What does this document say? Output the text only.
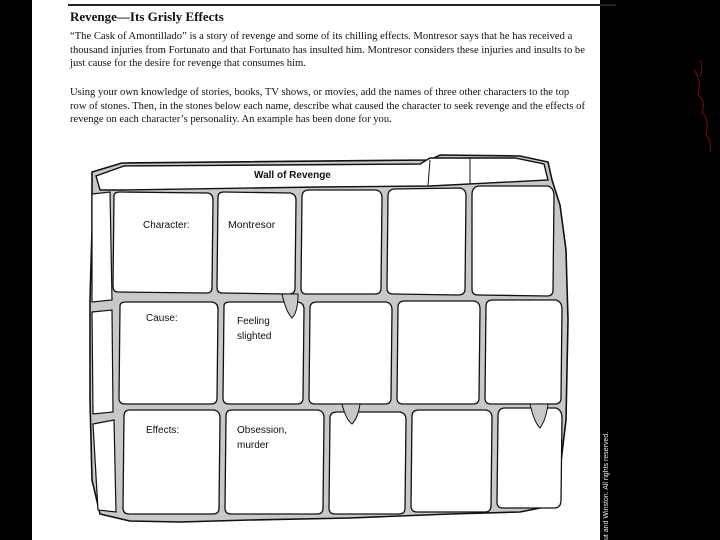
Revenge—Its Grisly Effects
“The Cask of Amontillado” is a story of revenge and some of its chilling effects. Montresor says that he has received a thousand injuries from Fortunato and that Fortunato has insulted him. Montresor considers these injuries and insults to be just cause for the desire for revenge that consumes him.
Using your own knowledge of stories, books, TV shows, or movies, add the names of three other characters to the top row of stones. Then, in the stones below each name, describe what caused the character to seek revenge and the effects of revenge on each character’s personality. An example has been done for you.
Wall of Revenge
Character:
Cause:
Effects:
Montresor
Feeling
slighted
Obsession,
murder	ut and Winston. All rights reserved.
